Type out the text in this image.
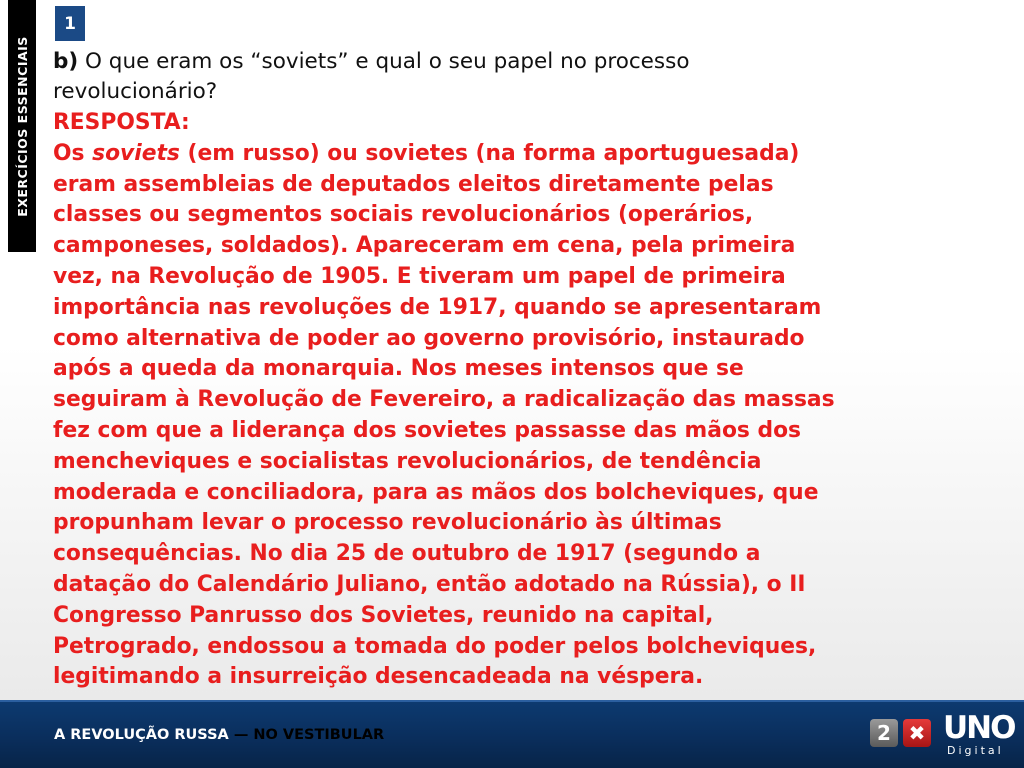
EXERCÍCIOS ESSENCIAIS
1
b) O que eram os “soviets” e qual o seu papel no processo
revolucionário?

RESPOSTA:

Os soviets (em russo) ou sovietes (na forma aportuguesada)

eram assembleias de deputados eleitos diretamente pelas

classes ou segmentos sociais revolucionários (operários,

camponeses, soldados). Apareceram em cena, pela primeira

vez, na Revolução de 1905. E tiveram um papel de primeira

importância nas revoluções de 1917, quando se apresentaram

como alternativa de poder ao governo provisório, instaurado

após a queda da monarquia. Nos meses intensos que se

seguiram à Revolução de Fevereiro, a radicalização das massas

fez com que a liderança dos sovietes passasse das mãos dos

mencheviques e socialistas revolucionários, de tendência

moderada e conciliadora, para as mãos dos bolcheviques, que

propunham levar o processo revolucionário às últimas

consequências. No dia 25 de outubro de 1917 (segundo a

datação do Calendário Juliano, então adotado na Rússia), o II

Congresso Panrusso dos Sovietes, reunido na capital,

Petrogrado, endossou a tomada do poder pelos bolcheviques,

legitimando a insurreição desencadeada na véspera.

A REVOLUÇÃO RUSSA — NO VESTIBULAR	2 ✖ UNO
Digital
